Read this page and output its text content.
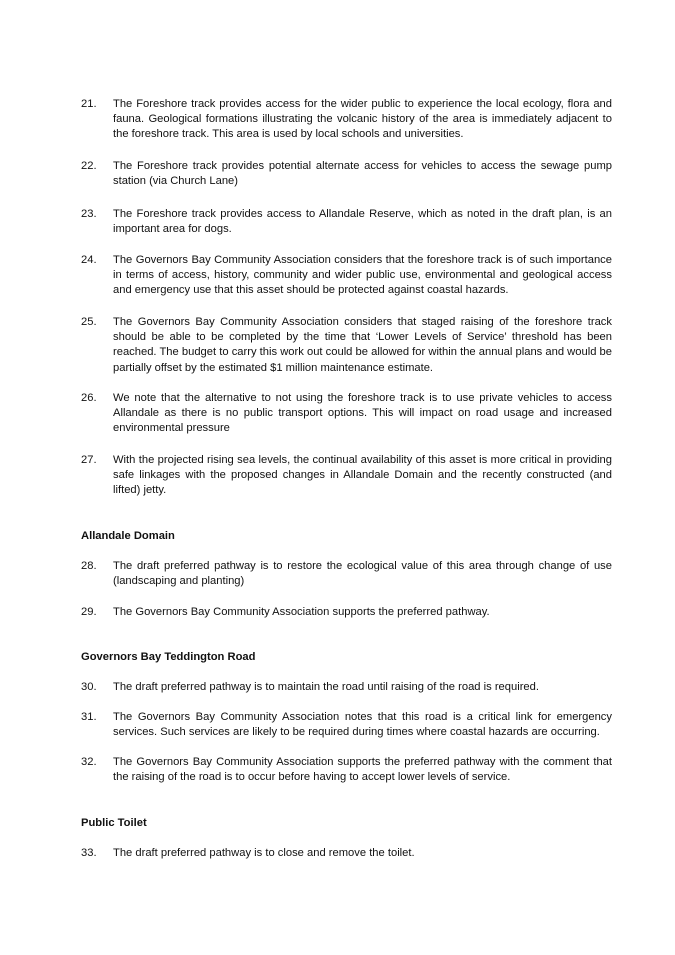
21.	The Foreshore track provides access for the wider public to experience the local ecology, flora and fauna. Geological formations illustrating the volcanic history of the area is immediately adjacent to the foreshore track. This area is used by local schools and universities.
22.	The Foreshore track provides potential alternate access for vehicles to access the sewage pump station (via Church Lane)
23.	The Foreshore track provides access to Allandale Reserve, which as noted in the draft plan, is an important area for dogs.
24.	The Governors Bay Community Association considers that the foreshore track is of such importance in terms of access, history, community and wider public use, environmental and geological access and emergency use that this asset should be protected against coastal hazards.
25.	The Governors Bay Community Association considers that staged raising of the foreshore track should be able to be completed by the time that ‘Lower Levels of Service’ threshold has been reached. The budget to carry this work out could be allowed for within the annual plans and would be partially offset by the estimated $1 million maintenance estimate.
26.	We note that the alternative to not using the foreshore track is to use private vehicles to access Allandale as there is no public transport options. This will impact on road usage and increased environmental pressure
27.	With the projected rising sea levels, the continual availability of this asset is more critical in providing safe linkages with the proposed changes in Allandale Domain and the recently constructed (and lifted) jetty.
Allandale Domain
28.	The draft preferred pathway is to restore the ecological value of this area through change of use (landscaping and planting)
29.	The Governors Bay Community Association supports the preferred pathway.
Governors Bay Teddington Road
30.	The draft preferred pathway is to maintain the road until raising of the road is required.
31.	The Governors Bay Community Association notes that this road is a critical link for emergency services. Such services are likely to be required during times where coastal hazards are occurring.
32.	The Governors Bay Community Association supports the preferred pathway with the comment that the raising of the road is to occur before having to accept lower levels of service.
Public Toilet
33.	The draft preferred pathway is to close and remove the toilet.
